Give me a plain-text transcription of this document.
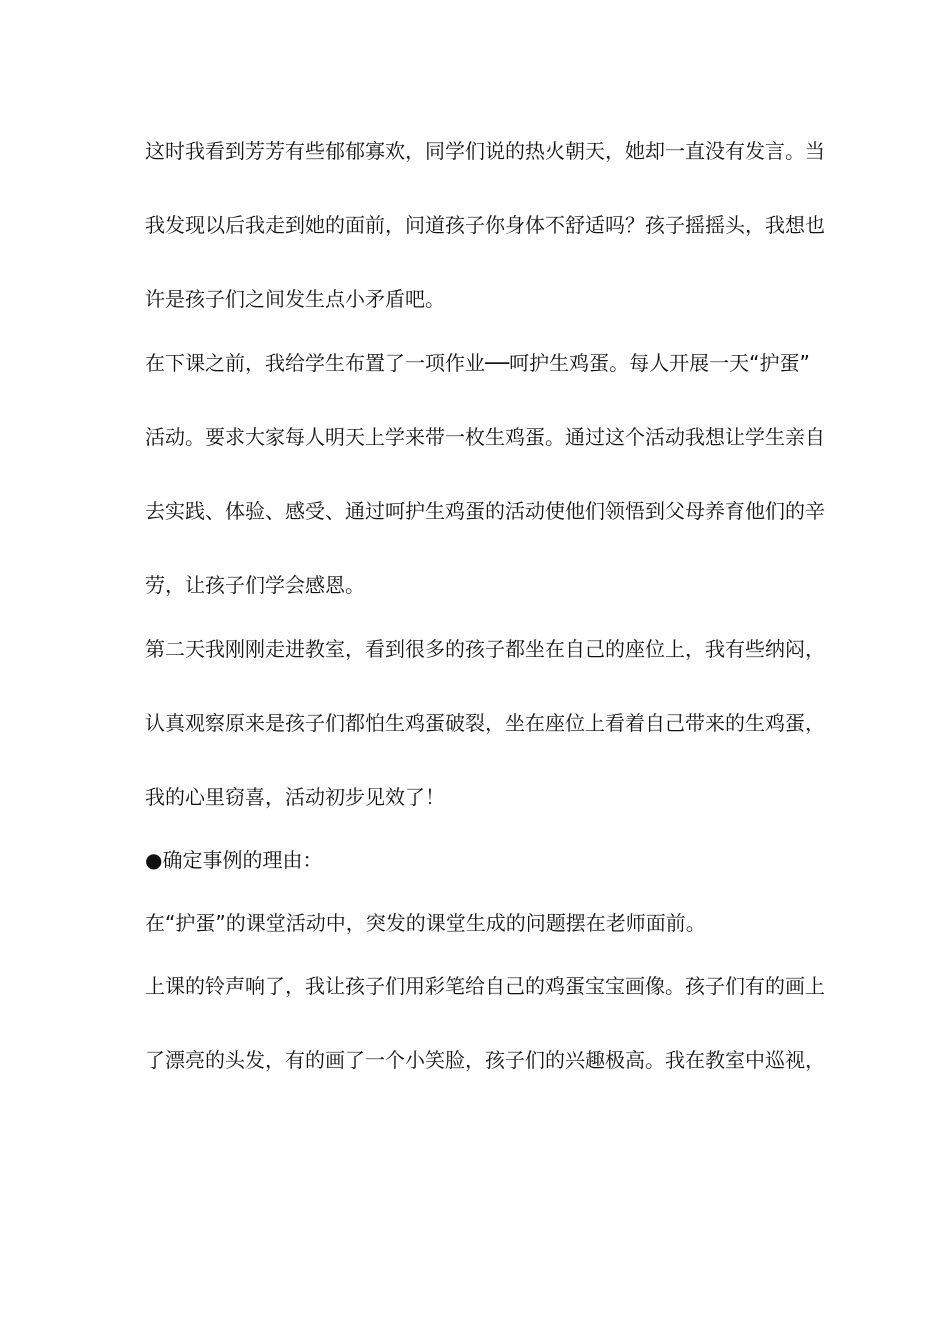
这时我看到芳芳有些郁郁寡欢，同学们说的热火朝天，她却一直没有发言。当
我发现以后我走到她的面前，问道孩子你身体不舒适吗？孩子摇摇头，我想也
许是孩子们之间发生点小矛盾吧。
在下课之前，我给学生布置了一项作业──呵护生鸡蛋。每人开展一天“护蛋”
活动。要求大家每人明天上学来带一枚生鸡蛋。通过这个活动我想让学生亲自
去实践、体验、感受、通过呵护生鸡蛋的活动使他们领悟到父母养育他们的辛
劳，让孩子们学会感恩。
第二天我刚刚走进教室，看到很多的孩子都坐在自己的座位上，我有些纳闷，
认真观察原来是孩子们都怕生鸡蛋破裂，坐在座位上看着自己带来的生鸡蛋，
我的心里窃喜，活动初步见效了！
●确定事例的理由：
在“护蛋”的课堂活动中，突发的课堂生成的问题摆在老师面前。
上课的铃声响了，我让孩子们用彩笔给自己的鸡蛋宝宝画像。孩子们有的画上
了漂亮的头发，有的画了一个小笑脸，孩子们的兴趣极高。我在教室中巡视，
